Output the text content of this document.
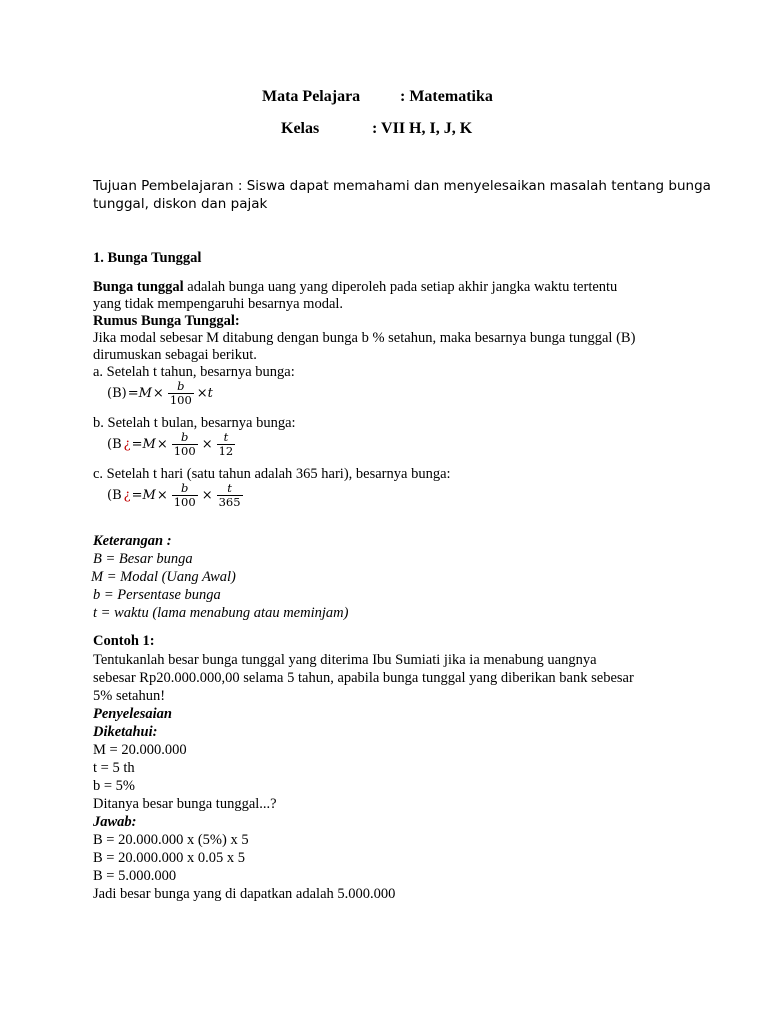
Mata Pelajara : Matematika
Kelas	: VII H, I, J, K
Tujuan Pembelajaran : Siswa dapat memahami dan menyelesaikan masalah tentang bunga
tunggal, diskon dan pajak
1. Bunga Tunggal
Bunga tunggal adalah bunga uang yang diperoleh pada setiap akhir jangka waktu tertentu
yang tidak mempengaruhi besarnya modal.
Rumus Bunga Tunggal:
Jika modal sebesar M ditabung dengan bunga b % setahun, maka besarnya bunga tunggal (B)
dirumuskan sebagai berikut.
a. Setelah t tahun, besarnya bunga:
$(B) =M \times \frac{b}{100} \times t$
b. Setelah t bulan, besarnya bunga:
(B ¿ $=M \times \frac{b}{100} \times \frac{t}{12}$
c. Setelah t hari (satu tahun adalah 365 hari), besarnya bunga:
(B ¿ $=M \times \frac{b}{100} \times \frac{t}{365}$
Keterangan :
B = Besar bunga
M = Modal (Uang Awal)
b = Persentase bunga
t = waktu (lama menabung atau meminjam)
Contoh 1:
Tentukanlah besar bunga tunggal yang diterima Ibu Sumiati jika ia menabung uangnya
sebesar Rp20.000.000,00 selama 5 tahun, apabila bunga tunggal yang diberikan bank sebesar
5% setahun!
Penyelesaian
Diketahui:
M = 20.000.000
t = 5 th
b = 5%
Ditanya besar bunga tunggal...?
Jawab:
B = 20.000.000 x (5%) x 5
B = 20.000.000 x 0.05 x 5
B = 5.000.000
Jadi besar bunga yang di dapatkan adalah 5.000.000
